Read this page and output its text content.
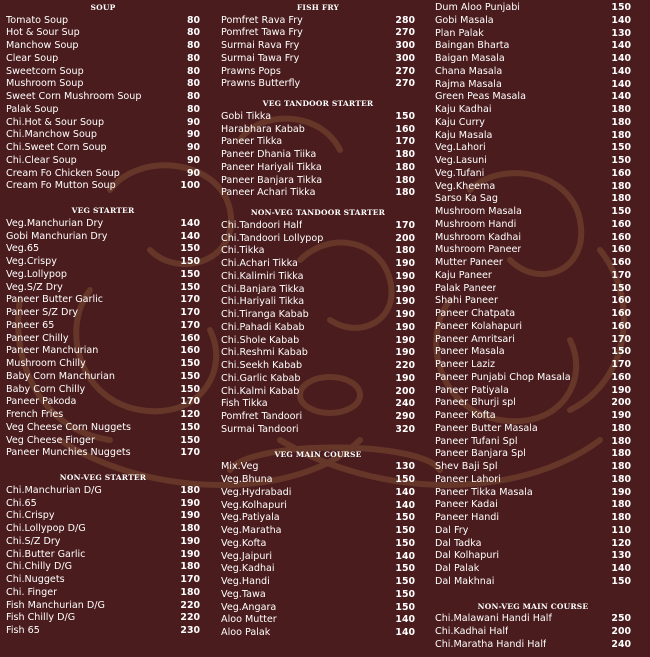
SOUP
Tomato Soup	80
Hot & Sour Sup	80
Manchow Soup	80
Clear Soup	80
Sweetcorn Soup	80
Mushroom Soup	80
Sweet Corn Mushroom Soup	80
Palak Soup	80
Chi.Hot & Sour Soup	90
Chi.Manchow Soup	90
Chi.Sweet Corn Soup	90
Chi.Clear Soup	90
Cream Fo Chicken Soup	90
Cream Fo Mutton Soup	100
VEG STARTER
Veg.Manchurian Dry	140
Gobi Manchurian Dry	140
Veg.65	150
Veg.Crispy	150
Veg.Lollypop	150
Veg.S/Z Dry	150
Paneer Butter Garlic	170
Paneer S/Z Dry	170
Paneer 65	170
Paneer Chilly	160
Paneer Manchurian	160
Mushroom Chilly	150
Baby Corn Manchurian	150
Baby Corn Chilly	150
Paneer Pakoda	170
French Fries	120
Veg Cheese Corn Nuggets	150
Veg Cheese Finger	150
Paneer Munchies Nuggets	170
NON-VEG STARTER
Chi.Manchurian D/G	180
Chi.65	190
Chi.Crispy	190
Chi.Lollypop D/G	180
Chi.S/Z Dry	190
Chi.Butter Garlic	190
Chi.Chilly D/G	180
Chi.Nuggets	170
Chi. Finger	180
Fish Manchurian D/G	220
Fish Chilly D/G	220
Fish 65	230
FISH FRY
Pomfret Rava Fry	280
Pomfret Tawa Fry	270
Surmai Rava Fry	300
Surmai Tawa Fry	300
Prawns Pops	270
Prawns Butterfly	270
VEG TANDOOR STARTER
Gobi Tikka	150
Harabhara Kabab	160
Paneer Tikka	170
Paneer Dhania Tiika	180
Paneer Hariyali Tikka	180
Paneer Banjara Tikka	180
Paneer Achari Tikka	180
NON-VEG TANDOOR STARTER
Chi.Tandoori Half	170
Chi.Tandoori Lollypop	200
Chi.Tikka	180
Chi.Achari Tikka	190
Chi.Kalimiri Tikka	190
Chi.Banjara Tikka	190
Chi.Hariyali Tikka	190
Chi.Tiranga Kabab	190
Chi.Pahadi Kabab	190
Chi.Shole Kabab	190
Chi.Reshmi Kabab	190
Chi.Seekh Kabab	220
Chi.Garlic Kabab	190
Chi.Kalmi Kabab	200
Fish Tikka	240
Pomfret Tandoori	290
Surmai Tandoori	320
VEG MAIN COURSE
Mix.Veg	130
Veg.Bhuna	150
Veg.Hydrabadi	140
Veg.Kolhapuri	140
Veg.Patiyala	150
Veg.Maratha	150
Veg.Kofta	150
Veg.Jaipuri	140
Veg.Kadhai	150
Veg.Handi	150
Veg.Tawa	150
Veg.Angara	150
Aloo Mutter	140
Aloo Palak	140
Dum Aloo Punjabi	150
Gobi Masala	140
Plan Palak	130
Baingan Bharta	140
Baigan Masala	140
Chana Masala	140
Rajma Masala	140
Green Peas Masala	140
Kaju Kadhai	180
Kaju Curry	180
Kaju Masala	180
Veg.Lahori	150
Veg.Lasuni	150
Veg.Tufani	160
Veg.Kheema	180
Sarso Ka Sag	180
Mushroom Masala	150
Mushroom Handi	160
Mushroom Kadhai	160
Mushroom Paneer	160
Mutter Paneer	160
Kaju Paneer	170
Palak Paneer	150
Shahi Paneer	160
Paneer Chatpata	160
Paneer Kolahapuri	160
Paneer Amritsari	170
Paneer Masala	150
Paneer Laziz	170
Paneer Punjabi Chop Masala	160
Paneer Patiyala	190
Paneer Bhurji spl	200
Paneer Kofta	190
Paneer Butter Masala	180
Paneer Tufani Spl	180
Paneer Banjara Spl	180
Shev Baji Spl	180
Paneer Lahori	180
Paneer Tikka Masala	190
Paneer Kadai	180
Paneer Handi	180
Dal Fry	110
Dal Tadka	120
Dal Kolhapuri	130
Dal Palak	140
Dal Makhnai	150
NON-VEG MAIN COURSE
Chi.Malawani Handi Half	250
Chi.Kadhai Half	200
Chi.Maratha Handi Half	240
